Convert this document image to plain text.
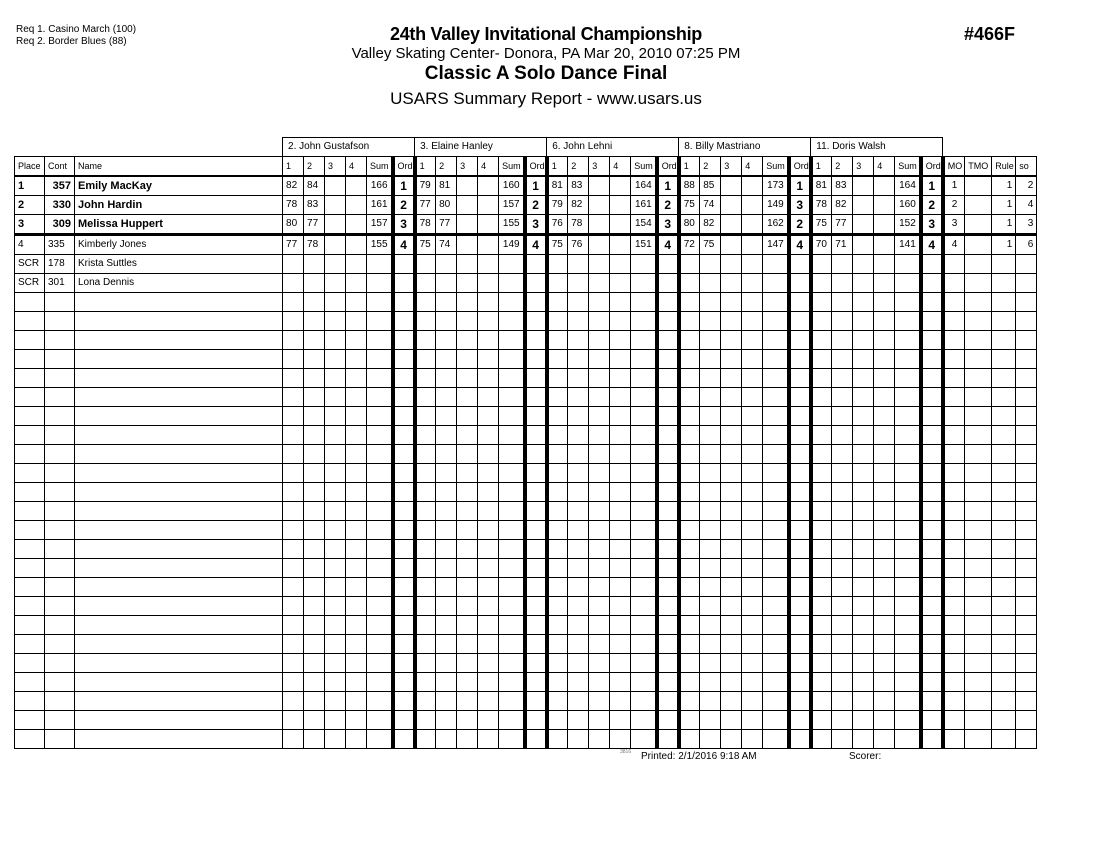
Req 1. Casino March (100)
Req 2. Border Blues (88)	24th Valley Invitational Championship
Valley Skating Center- Donora, PA Mar 20, 2010 07:25 PM
Classic A Solo Dance Final
USARS Summary Report - www.usars.us
#466F
			2. John Gustafson						3. Elaine Hanley						6. John Lehni						8. Billy Mastriano						11. Doris Walsh									
Place	Cont	Name	1	2	3	4	Sum	Ord	1	2	3	4	Sum	Ord	1	2	3	4	Sum	Ord	1	2	3	4	Sum	Ord	1	2	3	4	Sum	Ord	MO	TMO	Rule	so
1	357	Emily MacKay	82	84			166	1	79	81			160	1	81	83			164	1	88	85			173	1	81	83			164	1	1		1	2
2	330	John Hardin	78	83			161	2	77	80			157	2	79	82			161	2	75	74			149	3	78	82			160	2	2		1	4
3	309	Melissa Huppert	80	77			157	3	78	77			155	3	76	78			154	3	80	82			162	2	75	77			152	3	3		1	3
4	335	Kimberly Jones	77	78			155	4	75	74			149	4	75	76			151	4	72	75			147	4	70	71			141	4	4		1	6
SCR	178	Krista Suttles																																		
SCR	301	Lona Dennis																																		

3816 Printed: 2/1/2016 9:18 AM	Scorer:
